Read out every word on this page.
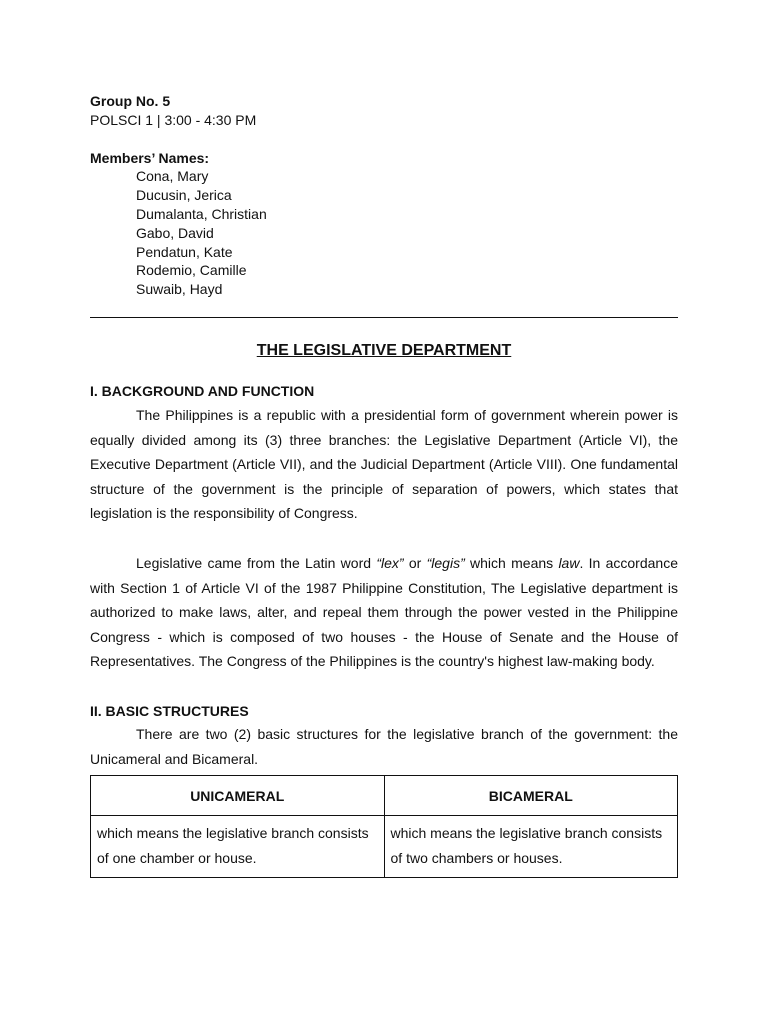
Group No. 5
POLSCI 1 | 3:00 - 4:30 PM
Members’ Names:
Cona, Mary
Ducusin, Jerica
Dumalanta, Christian
Gabo, David
Pendatun, Kate
Rodemio, Camille
Suwaib, Hayd
THE LEGISLATIVE DEPARTMENT
I. BACKGROUND AND FUNCTION

The Philippines is a republic with a presidential form of government wherein power is equally divided among its (3) three branches: the Legislative Department (Article VI), the Executive Department (Article VII), and the Judicial Department (Article VIII). One fundamental structure of the government is the principle of separation of powers, which states that legislation is the responsibility of Congress.

Legislative came from the Latin word “lex” or “legis” which means law. In accordance with Section 1 of Article VI of the 1987 Philippine Constitution, The Legislative department is authorized to make laws, alter, and repeal them through the power vested in the Philippine Congress - which is composed of two houses - the House of Senate and the House of Representatives. The Congress of the Philippines is the country's highest law-making body.

II. BASIC STRUCTURES

There are two (2) basic structures for the legislative branch of the government: the Unicameral and Bicameral.

UNICAMERAL	BICAMERAL
which means the legislative branch consists of one chamber or house.	which means the legislative branch consists of two chambers or houses.
